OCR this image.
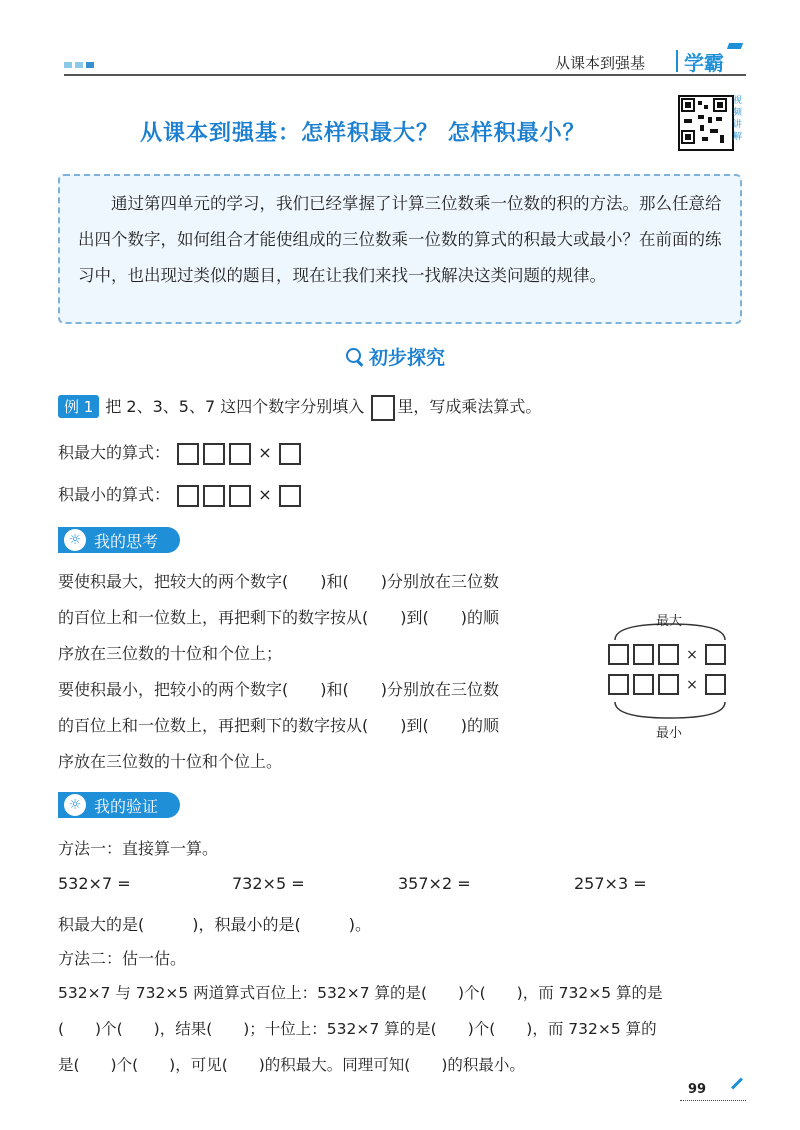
从课本到强基 学霸
从课本到强基：怎样积最大？ 怎样积最小？
视频讲解
通过第四单元的学习，我们已经掌握了计算三位数乘一位数的积的方法。那么任意给出四个数字，如何组合才能使组成的三位数乘一位数的算式的积最大或最小？在前面的练习中，也出现过类似的题目，现在让我们来找一找解决这类问题的规律。
初步探究
例 1 把 2、3、5、7 这四个数字分别填入 里，写成乘法算式。
积最大的算式：	×
积最小的算式：	×
☼ 我的思考
要使积最大，把较大的两个数字(　　)和(　　)分别放在三位数
的百位上和一位数上，再把剩下的数字按从(　　)到(　　)的顺
序放在三位数的十位和个位上；
要使积最小，把较小的两个数字(　　)和(　　)分别放在三位数
的百位上和一位数上，再把剩下的数字按从(　　)到(　　)的顺
序放在三位数的十位和个位上。
最大
×
×
最小
☼ 我的验证
方法一：直接算一算。
532×7 =	732×5 =	357×2 =	257×3 =
积最大的是(　　　)，积最小的是(　　　)。
方法二：估一估。
532×7 与 732×5 两道算式百位上：532×7 算的是(　　)个(　　)，而 732×5 算的是
(　　)个(　　)，结果(　　)；十位上：532×7 算的是(　　)个(　　)，而 732×5 算的
是(　　)个(　　)，可见(　　)的积最大。同理可知(　　)的积最小。
99
